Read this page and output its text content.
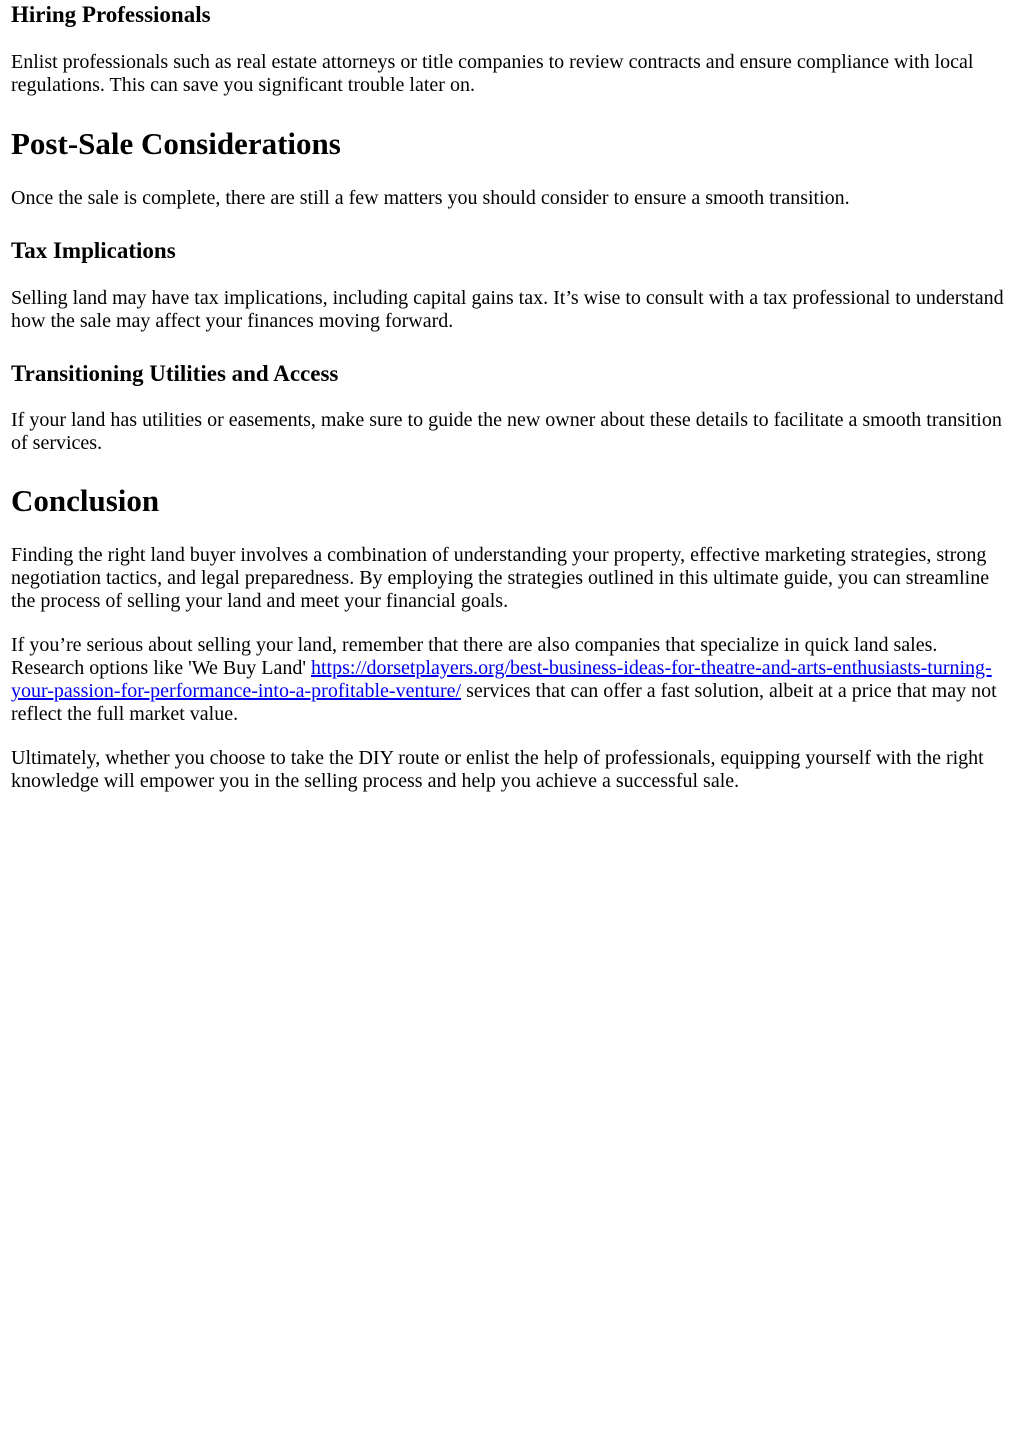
Hiring Professionals

Enlist professionals such as real estate attorneys or title companies to review contracts and ensure compliance with local regulations. This can save you significant trouble later on.

Post-Sale Considerations

Once the sale is complete, there are still a few matters you should consider to ensure a smooth transition.

Tax Implications

Selling land may have tax implications, including capital gains tax. It’s wise to consult with a tax professional to understand how the sale may affect your finances moving forward.

Transitioning Utilities and Access

If your land has utilities or easements, make sure to guide the new owner about these details to facilitate a smooth transition of services.

Conclusion

Finding the right land buyer involves a combination of understanding your property, effective marketing strategies, strong negotiation tactics, and legal preparedness. By employing the strategies outlined in this ultimate guide, you can streamline the process of selling your land and meet your financial goals.

If you’re serious about selling your land, remember that there are also companies that specialize in quick land sales. Research options like 'We Buy Land' https://dorsetplayers.org/best-business-ideas-for-theatre-and-arts-enthusiasts-turning-your-passion-for-performance-into-a-profitable-venture/ services that can offer a fast solution, albeit at a price that may not reflect the full market value.

Ultimately, whether you choose to take the DIY route or enlist the help of professionals, equipping yourself with the right knowledge will empower you in the selling process and help you achieve a successful sale.
